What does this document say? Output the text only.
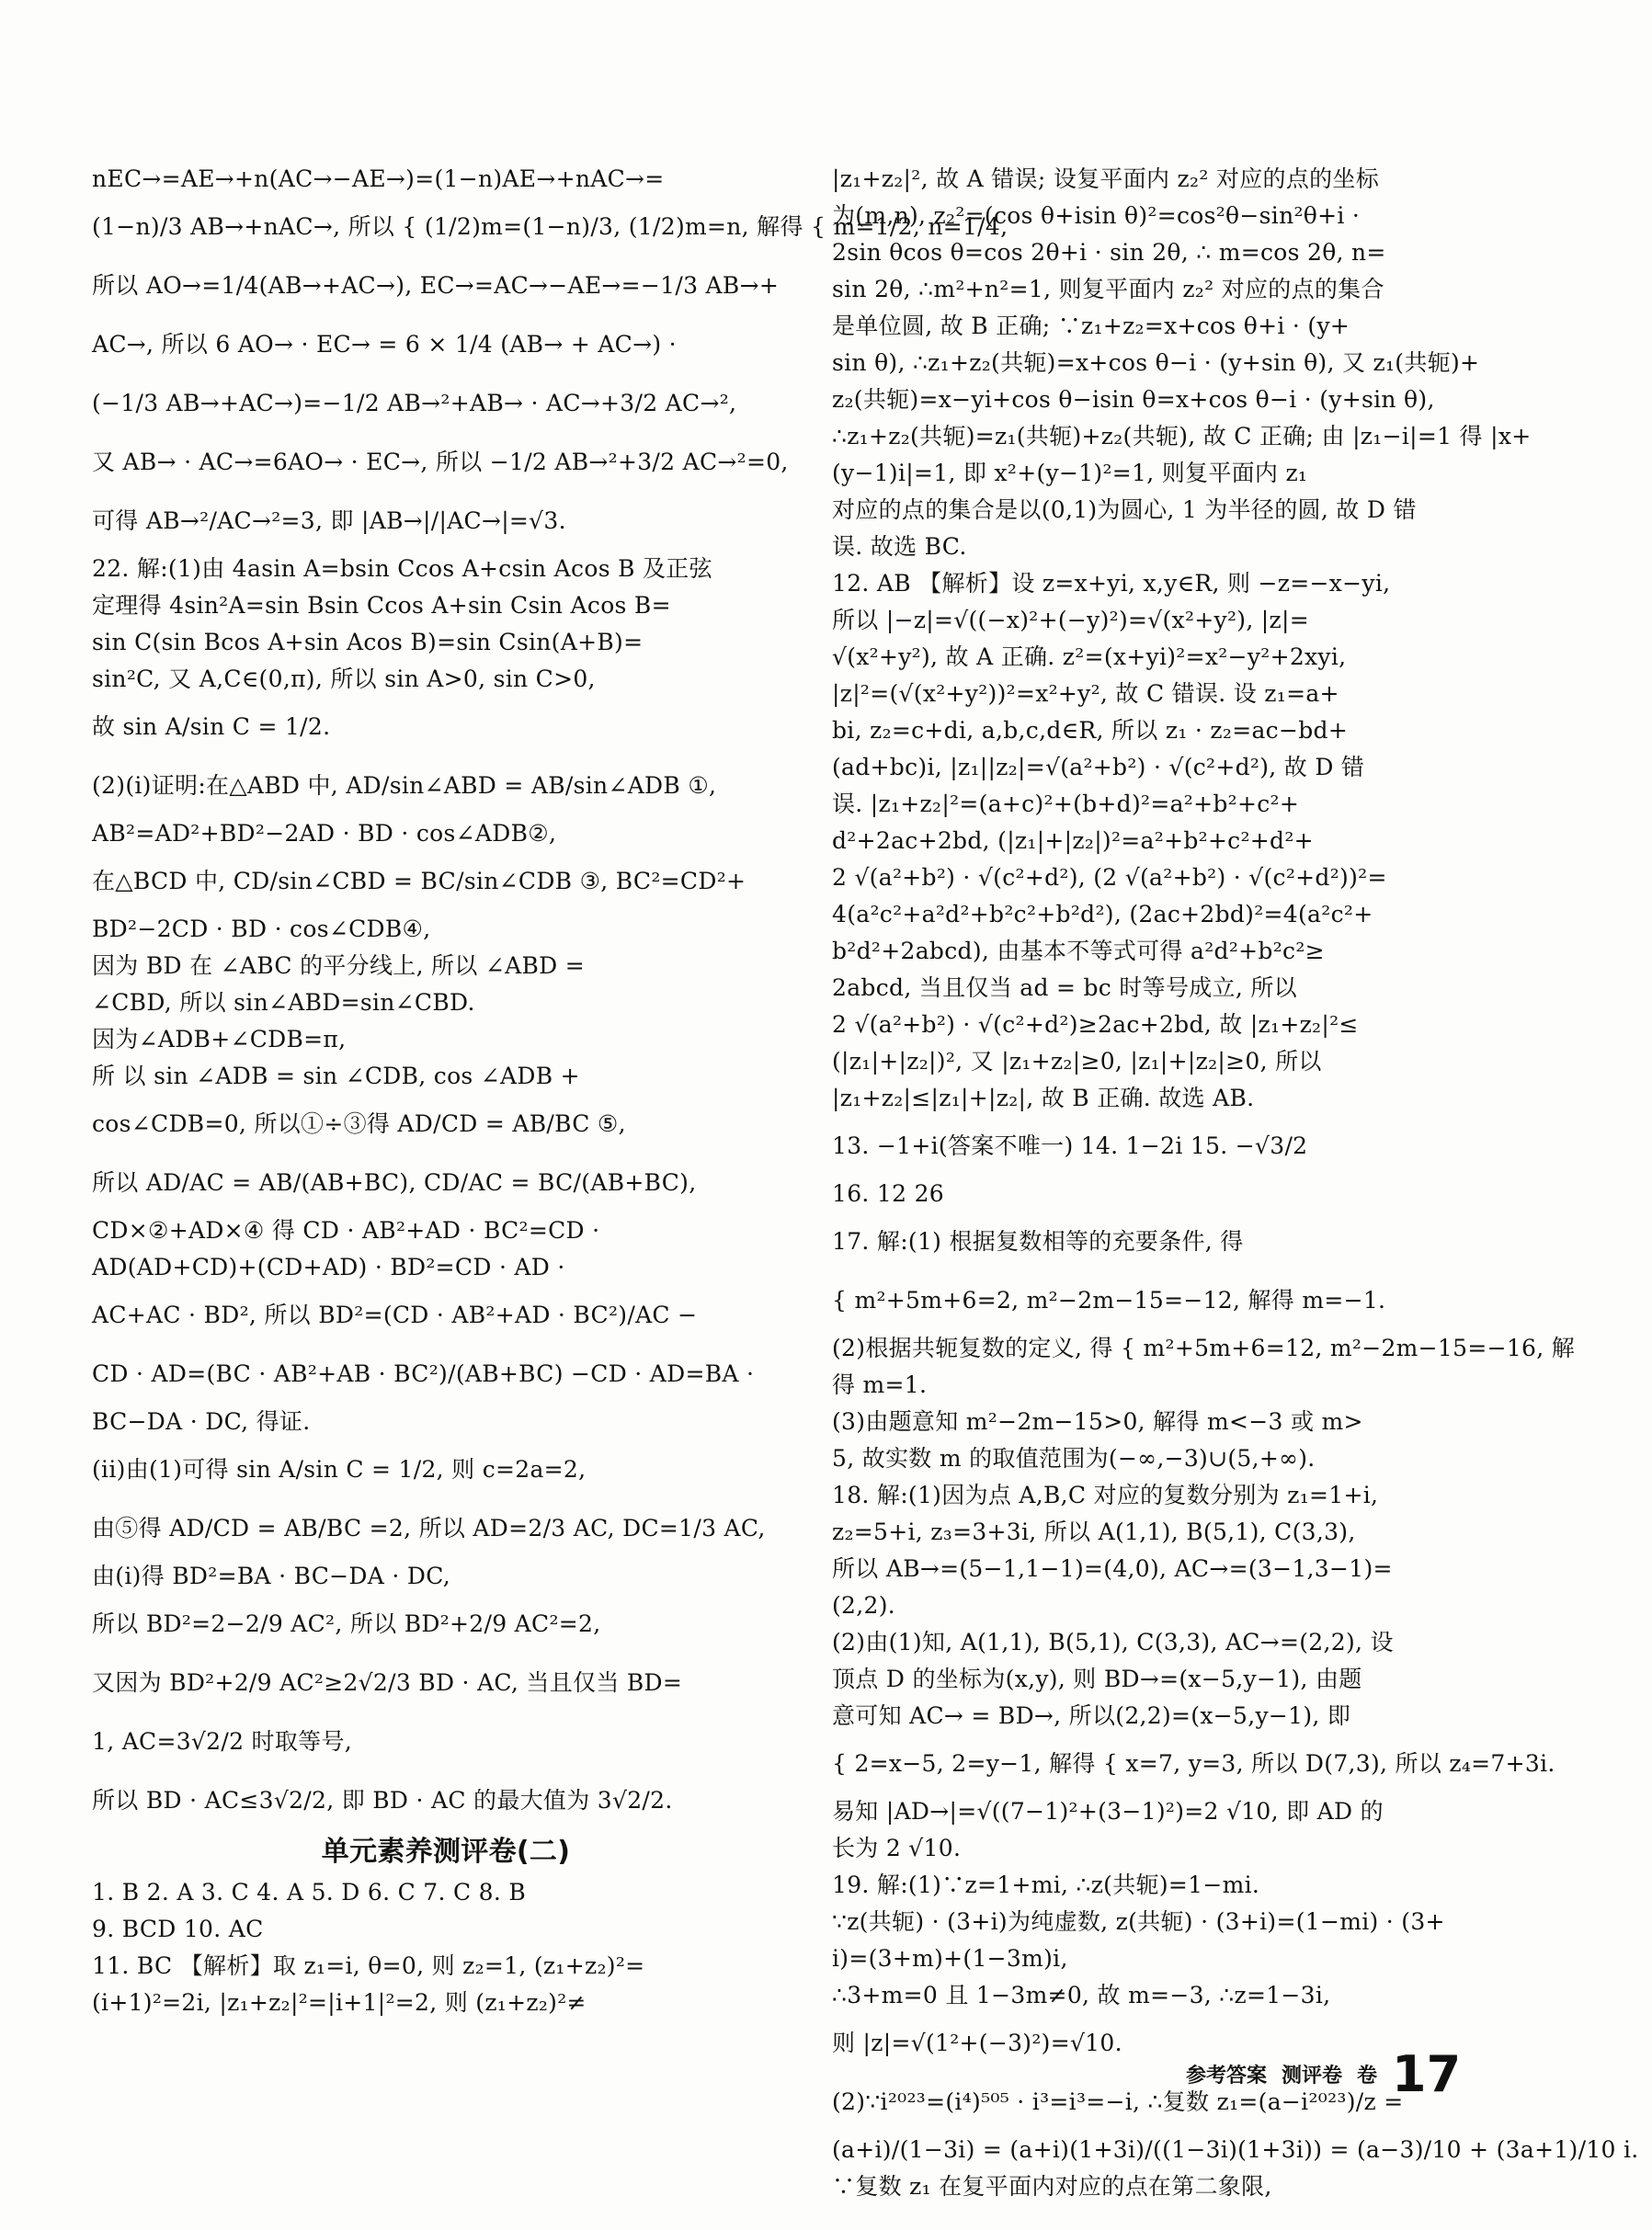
nEC→=AE→+n(AC→−AE→)=(1−n)AE→+nAC→=
(1−n)/3 AB→+nAC→, 所以 { (1/2)m=(1−n)/3, (1/2)m=n, 解得 { m=1/2, n=1/4,
所以 AO→=1/4(AB→+AC→), EC→=AC→−AE→=−1/3 AB→+
AC→, 所以 6 AO→ · EC→ = 6 × 1/4 (AB→ + AC→) ·
(−1/3 AB→+AC→)=−1/2 AB→²+AB→ · AC→+3/2 AC→²,
又 AB→ · AC→=6AO→ · EC→, 所以 −1/2 AB→²+3/2 AC→²=0,
可得 AB→²/AC→²=3, 即 |AB→|/|AC→|=√3.
22. 解:(1)由 4asin A=bsin Ccos A+csin Acos B 及正弦
定理得 4sin²A=sin Bsin Ccos A+sin Csin Acos B=
sin C(sin Bcos A+sin Acos B)=sin Csin(A+B)=
sin²C, 又 A,C∈(0,π), 所以 sin A>0, sin C>0,
故 sin A/sin C = 1/2.
(2)(i)证明:在△ABD 中, AD/sin∠ABD = AB/sin∠ADB ①,
AB²=AD²+BD²−2AD · BD · cos∠ADB②,
在△BCD 中, CD/sin∠CBD = BC/sin∠CDB ③, BC²=CD²+
BD²−2CD · BD · cos∠CDB④,
因为 BD 在 ∠ABC 的平分线上, 所以 ∠ABD =
∠CBD, 所以 sin∠ABD=sin∠CBD.
因为∠ADB+∠CDB=π,
所 以 sin ∠ADB = sin ∠CDB, cos ∠ADB +
cos∠CDB=0, 所以①÷③得 AD/CD = AB/BC ⑤,
所以 AD/AC = AB/(AB+BC), CD/AC = BC/(AB+BC),
CD×②+AD×④ 得 CD · AB²+AD · BC²=CD ·
AD(AD+CD)+(CD+AD) · BD²=CD · AD ·
AC+AC · BD², 所以 BD²=(CD · AB²+AD · BC²)/AC −
CD · AD=(BC · AB²+AB · BC²)/(AB+BC) −CD · AD=BA ·
BC−DA · DC, 得证.
(ii)由(1)可得 sin A/sin C = 1/2, 则 c=2a=2,
由⑤得 AD/CD = AB/BC =2, 所以 AD=2/3 AC, DC=1/3 AC,
由(i)得 BD²=BA · BC−DA · DC,
所以 BD²=2−2/9 AC², 所以 BD²+2/9 AC²=2,
又因为 BD²+2/9 AC²≥2√2/3 BD · AC, 当且仅当 BD=
1, AC=3√2/2 时取等号,
所以 BD · AC≤3√2/2, 即 BD · AC 的最大值为 3√2/2.
单元素养测评卷(二)
1. B 2. A 3. C 4. A 5. D 6. C 7. C 8. B
9. BCD 10. AC
11. BC 【解析】取 z₁=i, θ=0, 则 z₂=1, (z₁+z₂)²=
(i+1)²=2i, |z₁+z₂|²=|i+1|²=2, 则 (z₁+z₂)²≠
|z₁+z₂|², 故 A 错误; 设复平面内 z₂² 对应的点的坐标
为(m,n), z₂²=(cos θ+isin θ)²=cos²θ−sin²θ+i ·
2sin θcos θ=cos 2θ+i · sin 2θ, ∴ m=cos 2θ, n=
sin 2θ, ∴m²+n²=1, 则复平面内 z₂² 对应的点的集合
是单位圆, 故 B 正确; ∵z₁+z₂=x+cos θ+i · (y+
sin θ), ∴z₁+z₂(共轭)=x+cos θ−i · (y+sin θ), 又 z₁(共轭)+
z₂(共轭)=x−yi+cos θ−isin θ=x+cos θ−i · (y+sin θ),
∴z₁+z₂(共轭)=z₁(共轭)+z₂(共轭), 故 C 正确; 由 |z₁−i|=1 得 |x+
(y−1)i|=1, 即 x²+(y−1)²=1, 则复平面内 z₁
对应的点的集合是以(0,1)为圆心, 1 为半径的圆, 故 D 错
误. 故选 BC.
12. AB 【解析】设 z=x+yi, x,y∈R, 则 −z=−x−yi,
所以 |−z|=√((−x)²+(−y)²)=√(x²+y²), |z|=
√(x²+y²), 故 A 正确. z²=(x+yi)²=x²−y²+2xyi,
|z|²=(√(x²+y²))²=x²+y², 故 C 错误. 设 z₁=a+
bi, z₂=c+di, a,b,c,d∈R, 所以 z₁ · z₂=ac−bd+
(ad+bc)i, |z₁||z₂|=√(a²+b²) · √(c²+d²), 故 D 错
误. |z₁+z₂|²=(a+c)²+(b+d)²=a²+b²+c²+
d²+2ac+2bd, (|z₁|+|z₂|)²=a²+b²+c²+d²+
2 √(a²+b²) · √(c²+d²), (2 √(a²+b²) · √(c²+d²))²=
4(a²c²+a²d²+b²c²+b²d²), (2ac+2bd)²=4(a²c²+
b²d²+2abcd), 由基本不等式可得 a²d²+b²c²≥
2abcd, 当且仅当 ad = bc 时等号成立, 所以
2 √(a²+b²) · √(c²+d²)≥2ac+2bd, 故 |z₁+z₂|²≤
(|z₁|+|z₂|)², 又 |z₁+z₂|≥0, |z₁|+|z₂|≥0, 所以
|z₁+z₂|≤|z₁|+|z₂|, 故 B 正确. 故选 AB.
13. −1+i(答案不唯一) 14. 1−2i 15. −√3/2
16. 12 26
17. 解:(1) 根据复数相等的充要条件, 得
{ m²+5m+6=2, m²−2m−15=−12, 解得 m=−1.
(2)根据共轭复数的定义, 得 { m²+5m+6=12, m²−2m−15=−16, 解
得 m=1.
(3)由题意知 m²−2m−15>0, 解得 m<−3 或 m>
5, 故实数 m 的取值范围为(−∞,−3)∪(5,+∞).
18. 解:(1)因为点 A,B,C 对应的复数分别为 z₁=1+i,
z₂=5+i, z₃=3+3i, 所以 A(1,1), B(5,1), C(3,3),
所以 AB→=(5−1,1−1)=(4,0), AC→=(3−1,3−1)=
(2,2).
(2)由(1)知, A(1,1), B(5,1), C(3,3), AC→=(2,2), 设
顶点 D 的坐标为(x,y), 则 BD→=(x−5,y−1), 由题
意可知 AC→ = BD→, 所以(2,2)=(x−5,y−1), 即
{ 2=x−5, 2=y−1, 解得 { x=7, y=3, 所以 D(7,3), 所以 z₄=7+3i.
易知 |AD→|=√((7−1)²+(3−1)²)=2 √10, 即 AD 的
长为 2 √10.
19. 解:(1)∵z=1+mi, ∴z(共轭)=1−mi.
∵z(共轭) · (3+i)为纯虚数, z(共轭) · (3+i)=(1−mi) · (3+
i)=(3+m)+(1−3m)i,
∴3+m=0 且 1−3m≠0, 故 m=−3, ∴z=1−3i,
则 |z|=√(1²+(−3)²)=√10.
(2)∵i²⁰²³=(i⁴)⁵⁰⁵ · i³=i³=−i, ∴复数 z₁=(a−i²⁰²³)/z =
(a+i)/(1−3i) = (a+i)(1+3i)/((1−3i)(1+3i)) = (a−3)/10 + (3a+1)/10 i.
∵复数 z₁ 在复平面内对应的点在第二象限,
参考答案 测评卷 卷 17
